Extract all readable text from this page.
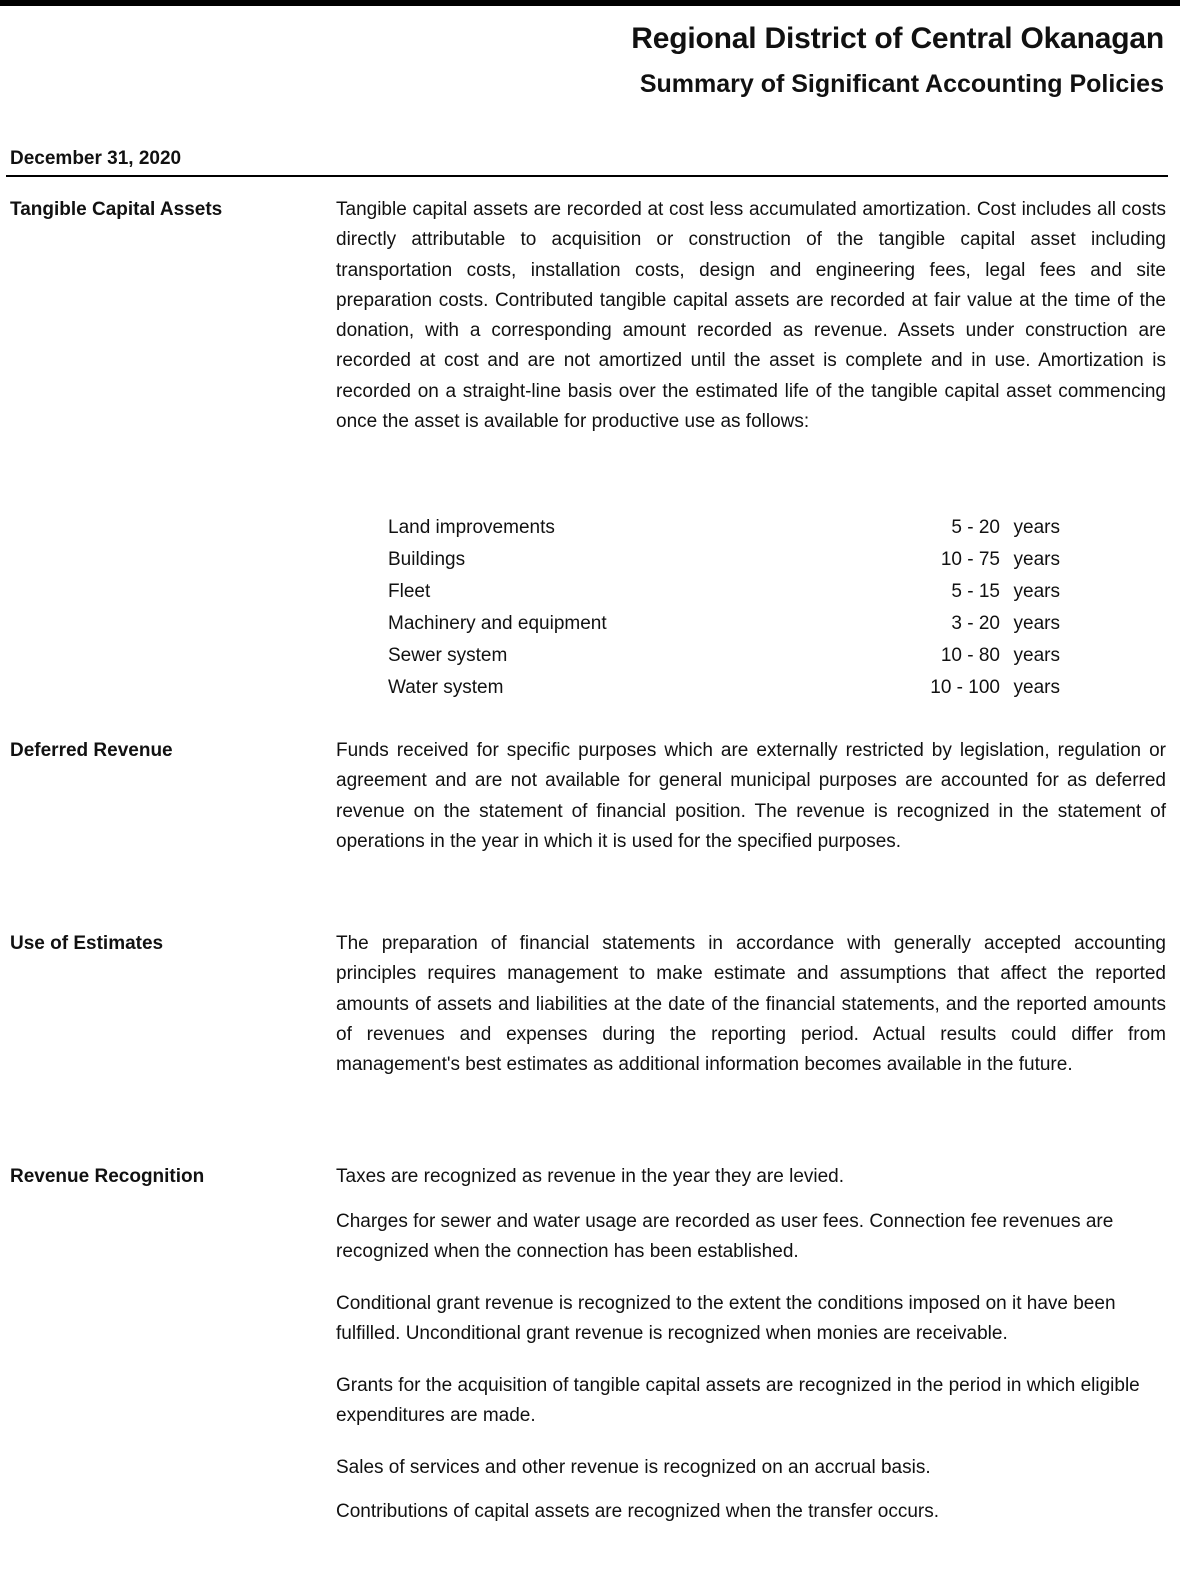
Regional District of Central Okanagan
Summary of Significant Accounting Policies
December 31, 2020
Tangible Capital Assets	Tangible capital assets are recorded at cost less accumulated amortization. Cost includes all costs directly attributable to acquisition or construction of the tangible capital asset including transportation costs, installation costs, design and engineering fees, legal fees and site preparation costs. Contributed tangible capital assets are recorded at fair value at the time of the donation, with a corresponding amount recorded as revenue. Assets under construction are recorded at cost and are not amortized until the asset is complete and in use. Amortization is recorded on a straight-line basis over the estimated life of the tangible capital asset commencing once the asset is available for productive use as follows:

Land improvements	5 - 20 years
Buildings	10 - 75 years
Fleet	5 - 15 years
Machinery and equipment	3 - 20 years
Sewer system	10 - 80 years
Water system	10 - 100 years
Deferred Revenue	Funds received for specific purposes which are externally restricted by legislation, regulation or agreement and are not available for general municipal purposes are accounted for as deferred revenue on the statement of financial position. The revenue is recognized in the statement of operations in the year in which it is used for the specified purposes.

Use of Estimates	The preparation of financial statements in accordance with generally accepted accounting principles requires management to make estimate and assumptions that affect the reported amounts of assets and liabilities at the date of the financial statements, and the reported amounts of revenues and expenses during the reporting period. Actual results could differ from management's best estimates as additional information becomes available in the future.

Revenue Recognition	Taxes are recognized as revenue in the year they are levied.

Charges for sewer and water usage are recorded as user fees. Connection fee revenues are recognized when the connection has been established.

Conditional grant revenue is recognized to the extent the conditions imposed on it have been fulfilled. Unconditional grant revenue is recognized when monies are receivable.

Grants for the acquisition of tangible capital assets are recognized in the period in which eligible expenditures are made.

Sales of services and other revenue is recognized on an accrual basis.

Contributions of capital assets are recognized when the transfer occurs.
